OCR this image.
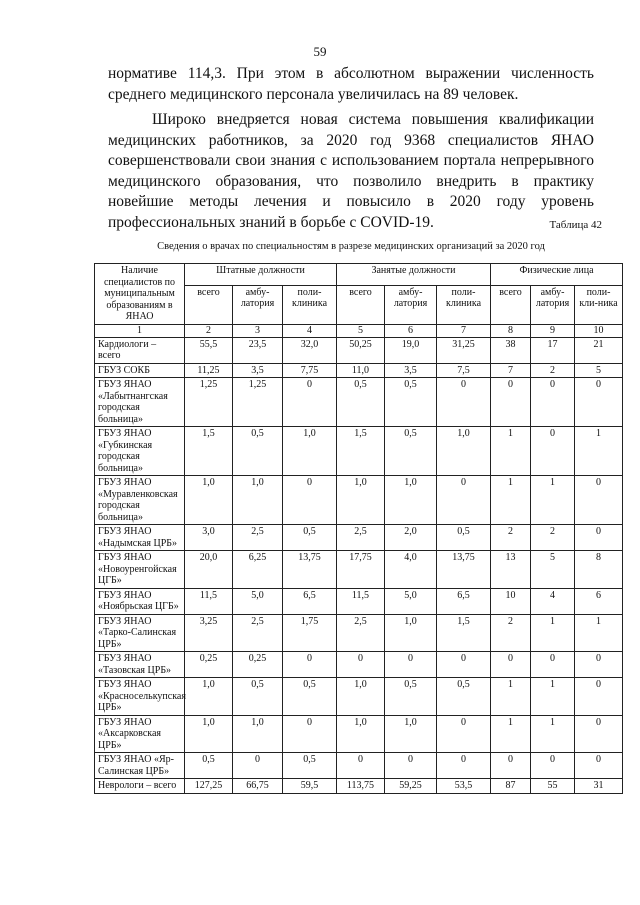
59

нормативе 114,3. При этом в абсолютном выражении численность среднего медицинского персонала увеличилась на 89 человек.

Широко внедряется новая система повышения квалификации медицинских работников, за 2020 год 9368 специалистов ЯНАО совершенствовали свои знания с использованием портала непрерывного медицинского образования, что позволило внедрить в практику новейшие методы лечения и повысило в 2020 году уровень профессиональных знаний в борьбе с COVID-19.	Таблица 42
Сведения о врачах по специальностям в разрезе медицинских организаций за 2020 год
Наличие специалистов по муниципальным образованиям в ЯНАО	Штатные должности			Занятые должности			Физические лица		
	всего	амбу-латория	поли-клиника	всего	амбу-латория	поли-клиника	всего	амбу-латория	поли-кли-ника
1	2	3	4	5	6	7	8	9	10
Кардиологи – всего	55,5	23,5	32,0	50,25	19,0	31,25	38	17	21
ГБУЗ СОКБ	11,25	3,5	7,75	11,0	3,5	7,5	7	2	5
ГБУЗ ЯНАО «Лабытнангская городская больница»	1,25	1,25	0	0,5	0,5	0	0	0	0
ГБУЗ ЯНАО «Губкинская городская больница»	1,5	0,5	1,0	1,5	0,5	1,0	1	0	1
ГБУЗ ЯНАО «Муравленковская городская больница»	1,0	1,0	0	1,0	1,0	0	1	1	0
ГБУЗ ЯНАО «Надымская ЦРБ»	3,0	2,5	0,5	2,5	2,0	0,5	2	2	0
ГБУЗ ЯНАО «Новоуренгойская ЦГБ»	20,0	6,25	13,75	17,75	4,0	13,75	13	5	8
ГБУЗ ЯНАО «Ноябрьская ЦГБ»	11,5	5,0	6,5	11,5	5,0	6,5	10	4	6
ГБУЗ ЯНАО «Тарко-Салинская ЦРБ»	3,25	2,5	1,75	2,5	1,0	1,5	2	1	1
ГБУЗ ЯНАО «Тазовская ЦРБ»	0,25	0,25	0	0	0	0	0	0	0
ГБУЗ ЯНАО «Красноселькупская ЦРБ»	1,0	0,5	0,5	1,0	0,5	0,5	1	1	0
ГБУЗ ЯНАО «Аксарковская ЦРБ»	1,0	1,0	0	1,0	1,0	0	1	1	0
ГБУЗ ЯНАО «Яр-Салинская ЦРБ»	0,5	0	0,5	0	0	0	0	0	0
Неврологи – всего	127,25	66,75	59,5	113,75	59,25	53,5	87	55	31
